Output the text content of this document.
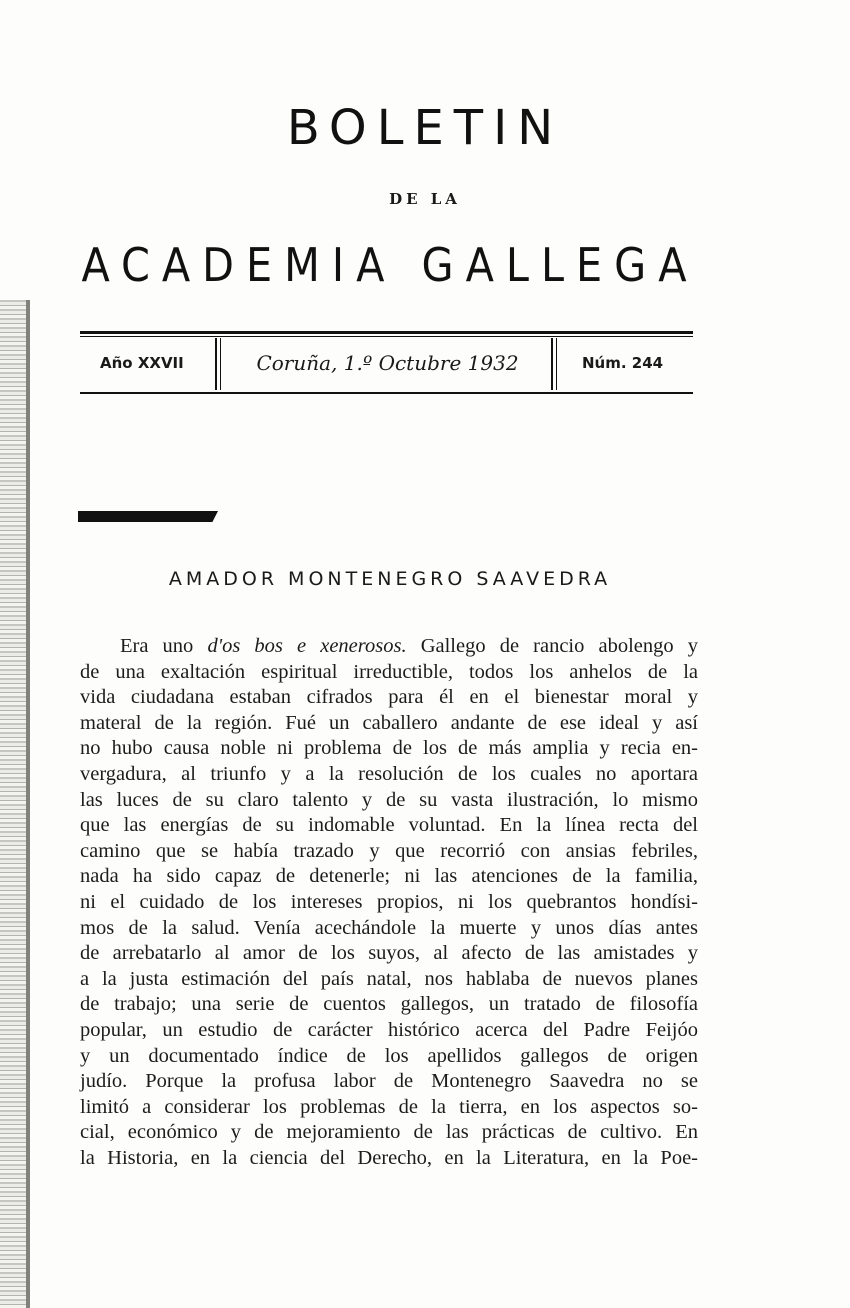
BOLETIN
DE LA
ACADEMIA GALLEGA
Año XXVII	Coruña, 1.º Octubre 1932	Núm. 244
AMADOR MONTENEGRO SAAVEDRA
Era uno d'os bos e xenerosos. Gallego de rancio abolengo y
de una exaltación espiritual irreductible, todos los anhelos de la
vida ciudadana estaban cifrados para él en el bienestar moral y
materal de la región. Fué un caballero andante de ese ideal y así
no hubo causa noble ni problema de los de más amplia y recia en-
vergadura, al triunfo y a la resolución de los cuales no aportara
las luces de su claro talento y de su vasta ilustración, lo mismo
que las energías de su indomable voluntad. En la línea recta del
camino que se había trazado y que recorrió con ansias febriles,
nada ha sido capaz de detenerle; ni las atenciones de la familia,
ni el cuidado de los intereses propios, ni los quebrantos hondísi-
mos de la salud. Venía acechándole la muerte y unos días antes
de arrebatarlo al amor de los suyos, al afecto de las amistades y
a la justa estimación del país natal, nos hablaba de nuevos planes
de trabajo; una serie de cuentos gallegos, un tratado de filosofía
popular, un estudio de carácter histórico acerca del Padre Feijóo
y un documentado índice de los apellidos gallegos de origen
judío. Porque la profusa labor de Montenegro Saavedra no se
limitó a considerar los problemas de la tierra, en los aspectos so-
cial, económico y de mejoramiento de las prácticas de cultivo. En
la Historia, en la ciencia del Derecho, en la Literatura, en la Poe-
